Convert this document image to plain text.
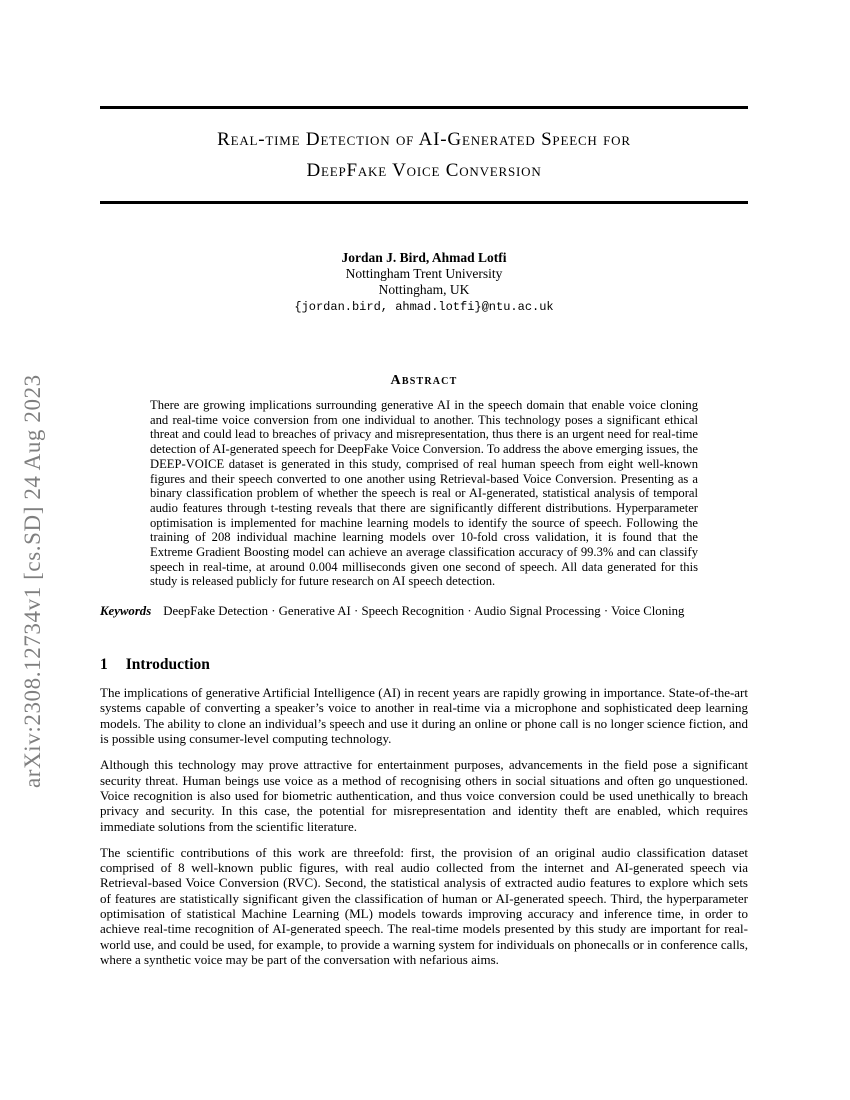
arXiv:2308.12734v1 [cs.SD] 24 Aug 2023
Real-time Detection of AI-Generated Speech for
DeepFake Voice Conversion
Jordan J. Bird, Ahmad Lotfi
Nottingham Trent University
Nottingham, UK
{jordan.bird, ahmad.lotfi}@ntu.ac.uk
Abstract

There are growing implications surrounding generative AI in the speech domain that enable voice cloning and real-time voice conversion from one individual to another. This technology poses a significant ethical threat and could lead to breaches of privacy and misrepresentation, thus there is an urgent need for real-time detection of AI-generated speech for DeepFake Voice Conversion. To address the above emerging issues, the DEEP-VOICE dataset is generated in this study, comprised of real human speech from eight well-known figures and their speech converted to one another using Retrieval-based Voice Conversion. Presenting as a binary classification problem of whether the speech is real or AI-generated, statistical analysis of temporal audio features through t-testing reveals that there are significantly different distributions. Hyperparameter optimisation is implemented for machine learning models to identify the source of speech. Following the training of 208 individual machine learning models over 10-fold cross validation, it is found that the Extreme Gradient Boosting model can achieve an average classification accuracy of 99.3% and can classify speech in real-time, at around 0.004 milliseconds given one second of speech. All data generated for this study is released publicly for future research on AI speech detection.

Keywords DeepFake Detection · Generative AI · Speech Recognition · Audio Signal Processing · Voice Cloning

1 Introduction

The implications of generative Artificial Intelligence (AI) in recent years are rapidly growing in importance. State-of-the-art systems capable of converting a speaker’s voice to another in real-time via a microphone and sophisticated deep learning models. The ability to clone an individual’s speech and use it during an online or phone call is no longer science fiction, and is possible using consumer-level computing technology.

Although this technology may prove attractive for entertainment purposes, advancements in the field pose a significant security threat. Human beings use voice as a method of recognising others in social situations and often go unquestioned. Voice recognition is also used for biometric authentication, and thus voice conversion could be used unethically to breach privacy and security. In this case, the potential for misrepresentation and identity theft are enabled, which requires immediate solutions from the scientific literature.

The scientific contributions of this work are threefold: first, the provision of an original audio classification dataset comprised of 8 well-known public figures, with real audio collected from the internet and AI-generated speech via Retrieval-based Voice Conversion (RVC). Second, the statistical analysis of extracted audio features to explore which sets of features are statistically significant given the classification of human or AI-generated speech. Third, the hyperparameter optimisation of statistical Machine Learning (ML) models towards improving accuracy and inference time, in order to achieve real-time recognition of AI-generated speech. The real-time models presented by this study are important for real-world use, and could be used, for example, to provide a warning system for individuals on phonecalls or in conference calls, where a synthetic voice may be part of the conversation with nefarious aims.
